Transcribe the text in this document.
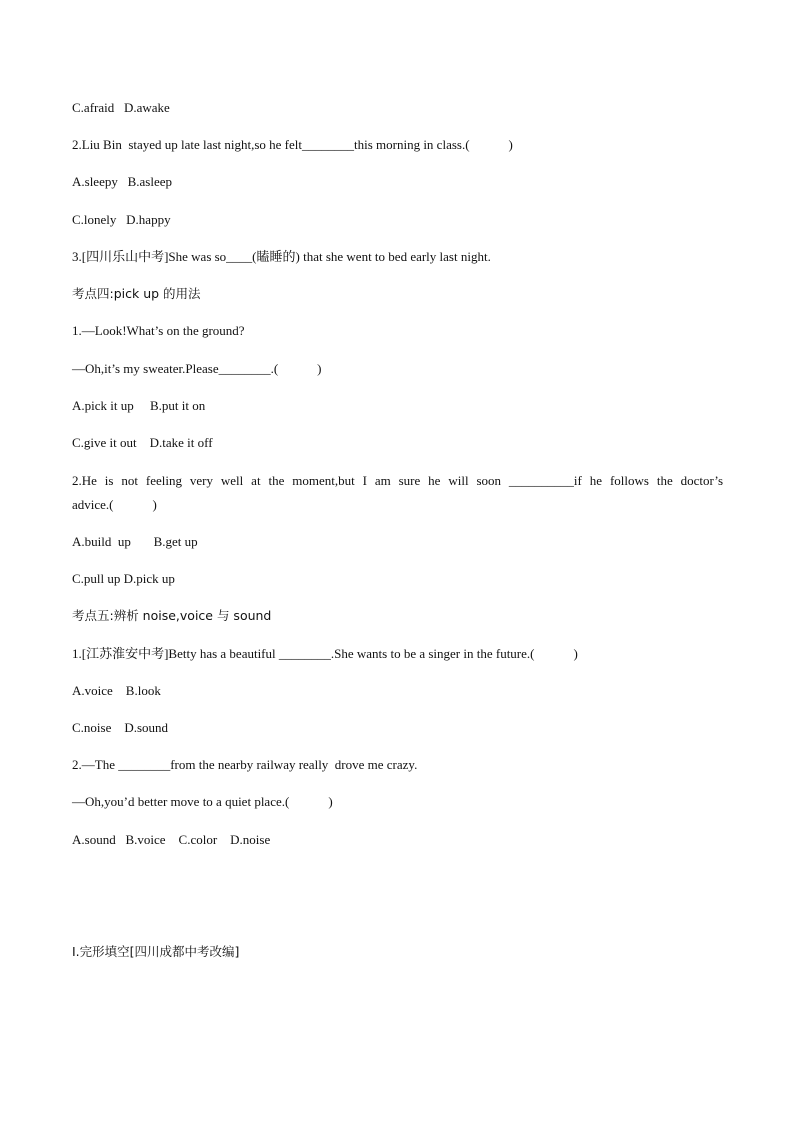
C.afraid   D.awake
2.Liu Bin  stayed up late last night,so he felt________this morning in class.(            )
A.sleepy   B.asleep
C.lonely   D.happy
3.[四川乐山中考]She was so____(瞌睡的) that she went to bed early last night.
考点四:pick up 的用法
1.—Look!What’s on the ground?
—Oh,it’s my sweater.Please________.(            )
A.pick it up     B.put it on
C.give it out    D.take it off
2.He is not feeling very well at the moment,but I am sure he will soon __________if he follows the doctor’s
advice.(            )
A.build  up       B.get up
C.pull up D.pick up
考点五:辨析 noise,voice 与 sound
1.[江苏淮安中考]Betty has a beautiful ________.She wants to be a singer in the future.(            )
A.voice    B.look
C.noise    D.sound
2.—The ________from the nearby railway really  drove me crazy.
—Oh,you’d better move to a quiet place.(            )
A.sound   B.voice    C.color    D.noise
Ⅰ.完形填空[四川成都中考改编]
